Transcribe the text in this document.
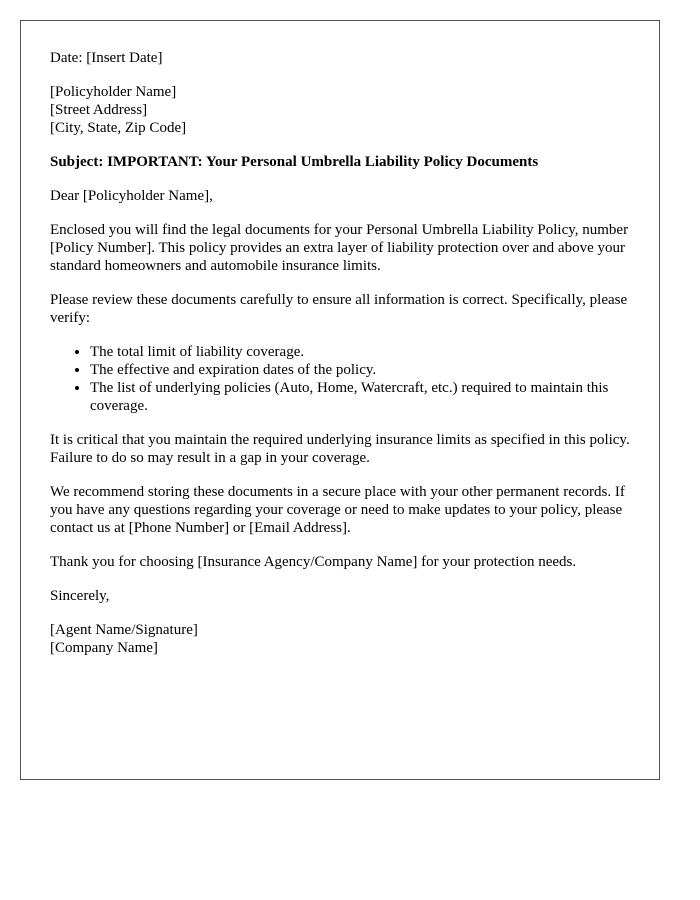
Date: [Insert Date]

[Policyholder Name]
[Street Address]
[City, State, Zip Code]

Subject: IMPORTANT: Your Personal Umbrella Liability Policy Documents

Dear [Policyholder Name],

Enclosed you will find the legal documents for your Personal Umbrella Liability Policy, number [Policy Number]. This policy provides an extra layer of liability protection over and above your standard homeowners and automobile insurance limits.

Please review these documents carefully to ensure all information is correct. Specifically, please verify:

• The total limit of liability coverage.
• The effective and expiration dates of the policy.
• The list of underlying policies (Auto, Home, Watercraft, etc.) required to maintain this coverage.

It is critical that you maintain the required underlying insurance limits as specified in this policy. Failure to do so may result in a gap in your coverage.

We recommend storing these documents in a secure place with your other permanent records. If you have any questions regarding your coverage or need to make updates to your policy, please contact us at [Phone Number] or [Email Address].

Thank you for choosing [Insurance Agency/Company Name] for your protection needs.

Sincerely,

[Agent Name/Signature]
[Company Name]
